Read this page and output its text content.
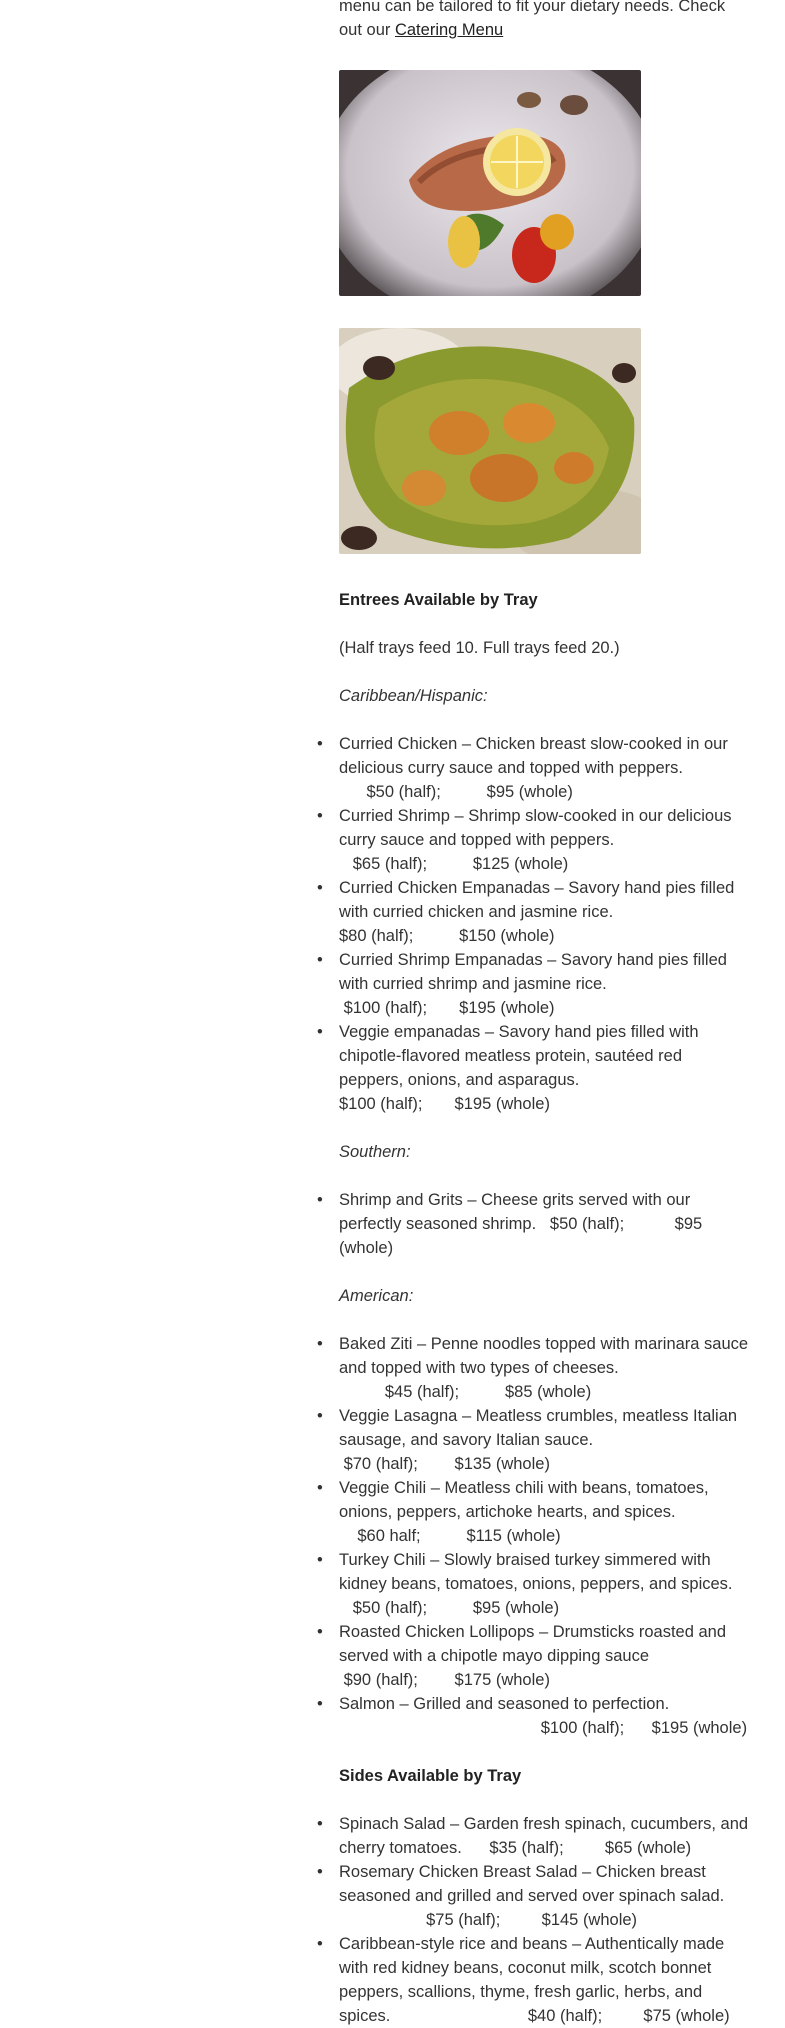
menu can be tailored to fit your dietary needs. Check
out our Catering Menu

Entrees Available by Tray

(Half trays feed 10. Full trays feed 20.)

Caribbean/Hispanic:

• Curried Chicken – Chicken breast slow-cooked in our delicious curry sauce and topped with peppers.
$50 (half);          $95 (whole)
• Curried Shrimp – Shrimp slow-cooked in our delicious curry sauce and topped with peppers.
$65 (half);          $125 (whole)
• Curried Chicken Empanadas – Savory hand pies filled with curried chicken and jasmine rice.
$80 (half);          $150 (whole)
• Curried Shrimp Empanadas – Savory hand pies filled with curried shrimp and jasmine rice.
$100 (half);       $195 (whole)
• Veggie empanadas – Savory hand pies filled with chipotle-flavored meatless protein, sautéed red peppers, onions, and asparagus.
$100 (half);       $195 (whole)

Southern:

• Shrimp and Grits – Cheese grits served with our perfectly seasoned shrimp.   $50 (half);           $95 (whole)

American:

• Baked Ziti – Penne noodles topped with marinara sauce and topped with two types of cheeses.
$45 (half);          $85 (whole)
• Veggie Lasagna – Meatless crumbles, meatless Italian sausage, and savory Italian sauce.
$70 (half);        $135 (whole)
• Veggie Chili – Meatless chili with beans, tomatoes, onions, peppers, artichoke hearts, and spices.
$60 half;          $115 (whole)
• Turkey Chili – Slowly braised turkey simmered with kidney beans, tomatoes, onions, peppers, and spices.
$50 (half);          $95 (whole)
• Roasted Chicken Lollipops – Drumsticks roasted and served with a chipotle mayo dipping sauce
$90 (half);        $175 (whole)
• Salmon – Grilled and seasoned to perfection.
$100 (half);      $195 (whole)

Sides Available by Tray

• Spinach Salad – Garden fresh spinach, cucumbers, and cherry tomatoes.      $35 (half);         $65 (whole)
• Rosemary Chicken Breast Salad – Chicken breast seasoned and grilled and served over spinach salad.
$75 (half);         $145 (whole)
• Caribbean-style rice and beans – Authentically made with red kidney beans, coconut milk, scotch bonnet peppers, scallions, thyme, fresh garlic, herbs, and spices.                              $40 (half);         $75 (whole)
